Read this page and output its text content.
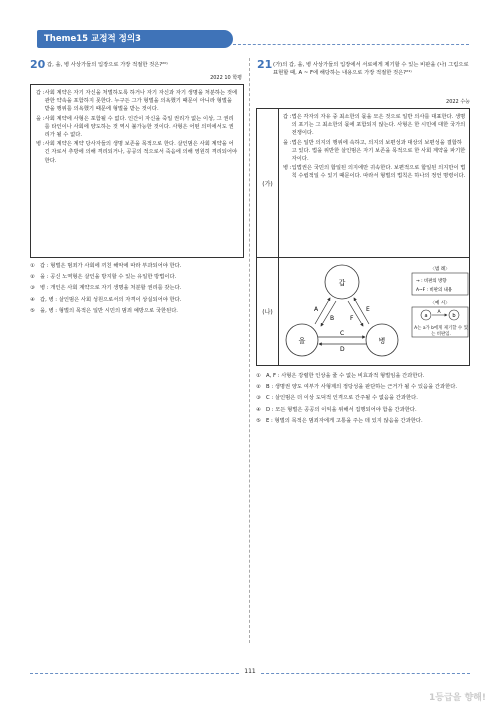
Theme15 교정적 정의3
20 갑, 을, 병 사상가들의 입장으로 가장 적절한 것은?²⁰⁾
2022 10 학평
갑 : 사회 계약은 자기 자신을 처벌하도록 하거나 자기 자신과 자기 생명을 처분하는 것에 관한 약속을 포함하지 못한다. 누구든 그가 형벌을 의욕했기 때문이 아니라 형벌을 받을 행위를 의욕했기 때문에 형벌을 받는 것이다.
을 : 사회 계약에 사형은 포함될 수 없다. 인간이 자신을 죽일 권리가 없는 이상, 그 권리를 타인이나 사회에 양도하는 것 역시 불가능한 것이다. 사형은 어떤 의미에서도 권리가 될 수 없다.
병 : 사회 계약은 계약 당사자들의 생명 보존을 목적으로 한다. 살인범은 사회 계약을 어긴 자로서 추방에 의해 격리되거나, 공공의 적으로서 죽음에 의해 영원히 격리되어야 한다.
① 갑 : 형벌은 범죄가 사회에 끼친 해악에 따라 부과되어야 한다.
② 을 : 공신 노역형은 살인을 방지할 수 있는 유일한 방법이다.
③ 병 : 개인은 사회 계약으로 자기 생명을 처분할 권리를 갖는다.
④ 갑, 병 : 살인범은 사회 성원으로서의 자격이 상실되어야 한다.
⑤ 을, 병 : 형벌의 목적은 일반 시민의 범죄 예방으로 국한된다.
21 (가)의 갑, 을, 병 사상가들의 입장에서 서로에게 제기할 수 있는 비판을 (나) 그림으로 표현할 때, A ~ F에 해당하는 내용으로 가장 적절한 것은?²¹⁾
2022 수능
(가)
갑 : 법은 각자의 자유 중 최소한의 몫을 모은 것으로 일반 의사를 대표한다. 생명의 포기는 그 최소한의 몫에 포함되지 않는다. 사형은 한 시민에 대한 국가의 전쟁이다.
을 : 법은 일반 의지의 행위에 속하고, 의지의 보편성과 대상의 보편성을 결합하고 있다. 법을 위반한 살인범은 자기 보존을 목적으로 한 사회 계약을 파기한 자이다.
병 : 입법권은 국민의 합일된 의지에만 귀속한다. 보편적으로 합일된 의지만이 법칙 수립적일 수 있기 때문이다. 따라서 형벌의 법칙은 하나의 정언 명령이다.
(나)
갑
을	병
A
B
C
D
E
F
〈범 례〉
→ : 비판의 방향
A~F : 비판의 내용
〈예 시〉
a
A
b
A는 a가 b에게 제기할 수 있는 비판임.
① A, F : 사형은 강렬한 인상을 줄 수 없는 비효과적 형벌임을 간과한다.
② B : 생명권 양도 여부가 사형제의 정당성을 판단하는 근거가 될 수 있음을 간과한다.
③ C : 살인범은 더 이상 도덕적 인격으로 간주될 수 없음을 간과한다.
④ D : 모든 형벌은 공공의 이익을 위해서 집행되어야 함을 간과한다.
⑤ E : 형벌의 목적은 범죄자에게 고통을 주는 데 있지 않음을 간과한다.
111
1등급을 향해!
